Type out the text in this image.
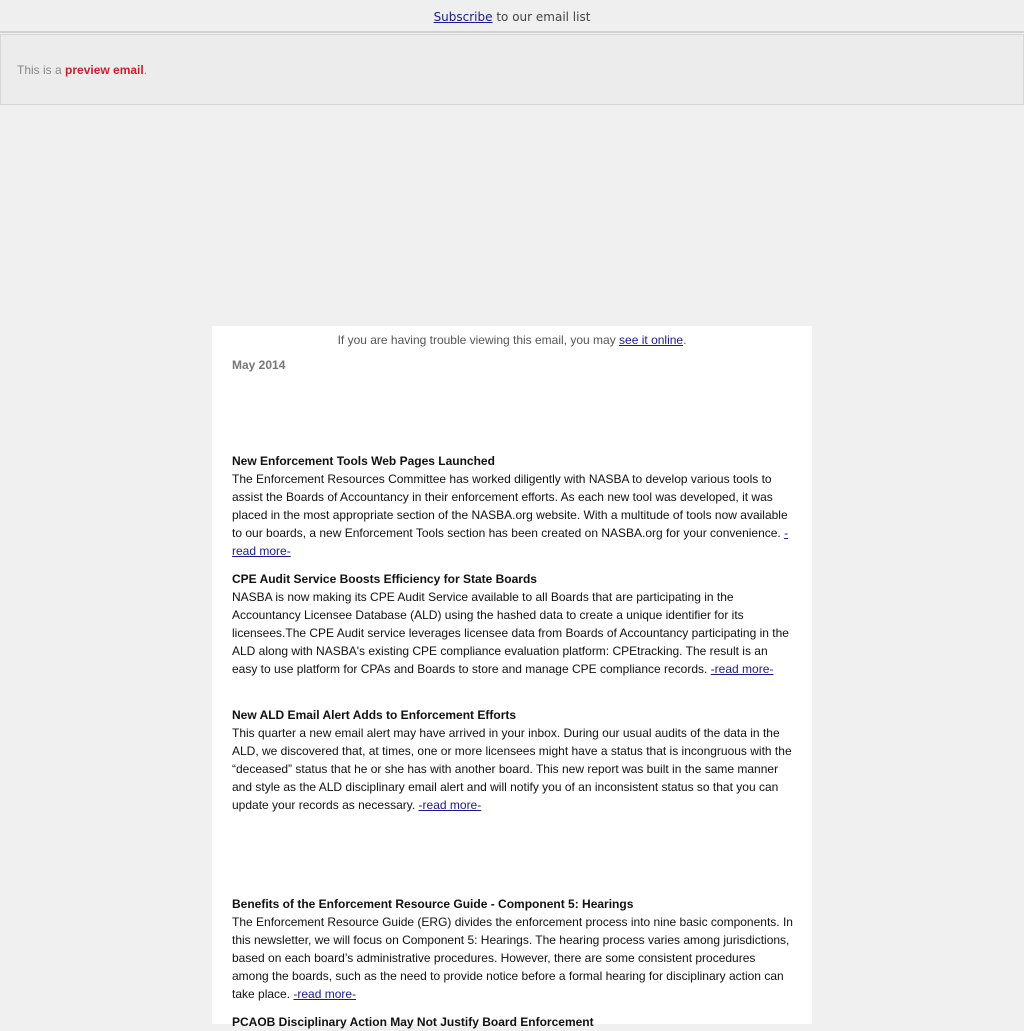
Subscribe to our email list
This is a preview email.
If you are having trouble viewing this email, you may see it online.
May 2014
New Enforcement Tools Web Pages Launched
The Enforcement Resources Committee has worked diligently with NASBA to develop various tools to assist the Boards of Accountancy in their enforcement efforts. As each new tool was developed, it was placed in the most appropriate section of the NASBA.org website. With a multitude of tools now available to our boards, a new Enforcement Tools section has been created on NASBA.org for your convenience. -read more-
CPE Audit Service Boosts Efficiency for State Boards
NASBA is now making its CPE Audit Service available to all Boards that are participating in the Accountancy Licensee Database (ALD) using the hashed data to create a unique identifier for its licensees.The CPE Audit service leverages licensee data from Boards of Accountancy participating in the ALD along with NASBA's existing CPE compliance evaluation platform: CPEtracking. The result is an easy to use platform for CPAs and Boards to store and manage CPE compliance records. -read more-
New ALD Email Alert Adds to Enforcement Efforts
This quarter a new email alert may have arrived in your inbox. During our usual audits of the data in the ALD, we discovered that, at times, one or more licensees might have a status that is incongruous with the “deceased” status that he or she has with another board. This new report was built in the same manner and style as the ALD disciplinary email alert and will notify you of an inconsistent status so that you can update your records as necessary. -read more-
Benefits of the Enforcement Resource Guide - Component 5: Hearings
The Enforcement Resource Guide (ERG) divides the enforcement process into nine basic components. In this newsletter, we will focus on Component 5: Hearings. The hearing process varies among jurisdictions, based on each board’s administrative procedures. However, there are some consistent procedures among the boards, such as the need to provide notice before a formal hearing for disciplinary action can take place. -read more-
PCAOB Disciplinary Action May Not Justify Board Enforcement
